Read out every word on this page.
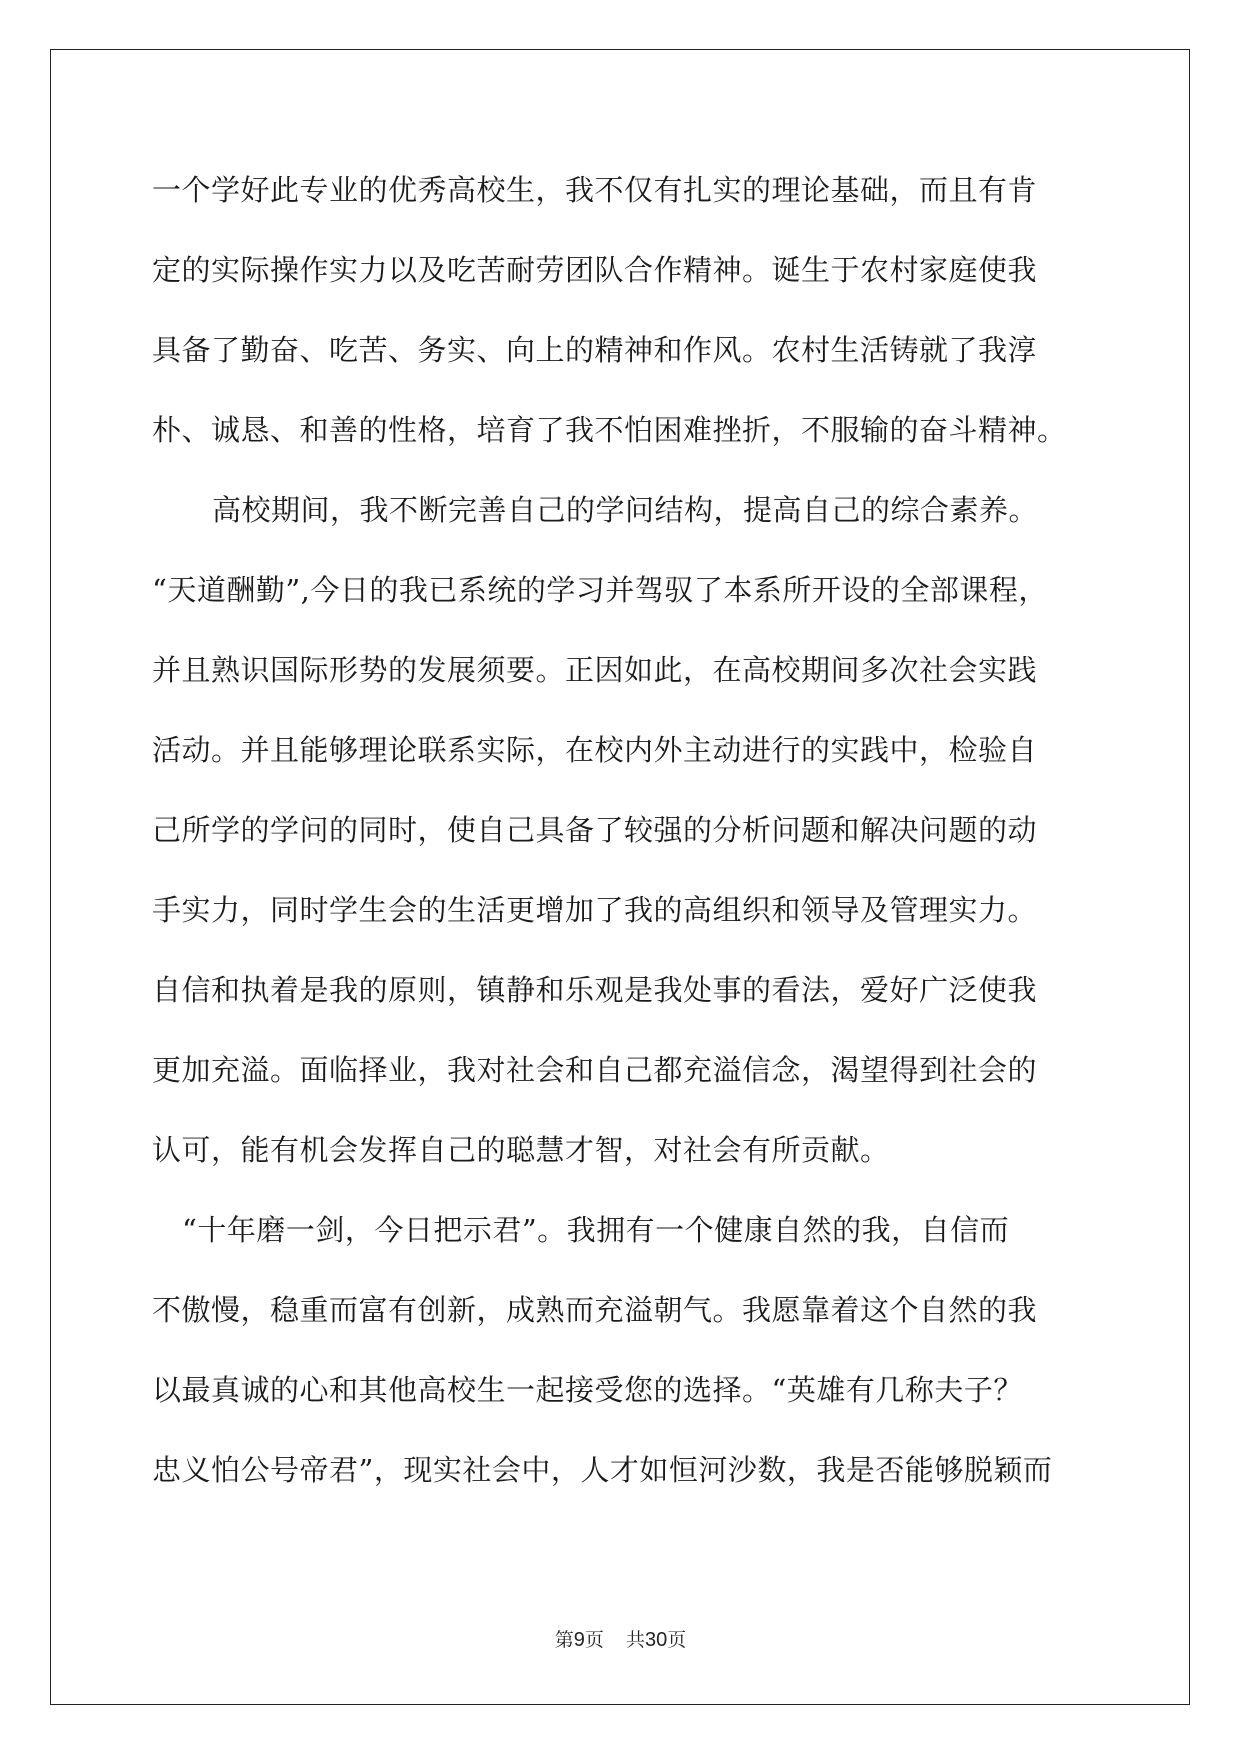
一个学好此专业的优秀高校生，我不仅有扎实的理论基础，而且有肯
定的实际操作实力以及吃苦耐劳团队合作精神。诞生于农村家庭使我
具备了勤奋、吃苦、务实、向上的精神和作风。农村生活铸就了我淳
朴、诚恳、和善的性格，培育了我不怕困难挫折，不服输的奋斗精神。
高校期间，我不断完善自己的学问结构，提高自己的综合素养。
“天道酬勤”,今日的我已系统的学习并驾驭了本系所开设的全部课程，
并且熟识国际形势的发展须要。正因如此，在高校期间多次社会实践
活动。并且能够理论联系实际，在校内外主动进行的实践中，检验自
己所学的学问的同时，使自己具备了较强的分析问题和解决问题的动
手实力，同时学生会的生活更增加了我的高组织和领导及管理实力。
自信和执着是我的原则，镇静和乐观是我处事的看法，爱好广泛使我
更加充溢。面临择业，我对社会和自己都充溢信念，渴望得到社会的
认可，能有机会发挥自己的聪慧才智，对社会有所贡献。
“十年磨一剑，今日把示君”。我拥有一个健康自然的我，自信而
不傲慢，稳重而富有创新，成熟而充溢朝气。我愿靠着这个自然的我
以最真诚的心和其他高校生一起接受您的选择。“英雄有几称夫子？
忠义怕公号帝君”，现实社会中，人才如恒河沙数，我是否能够脱颖而
第9页 共30页
